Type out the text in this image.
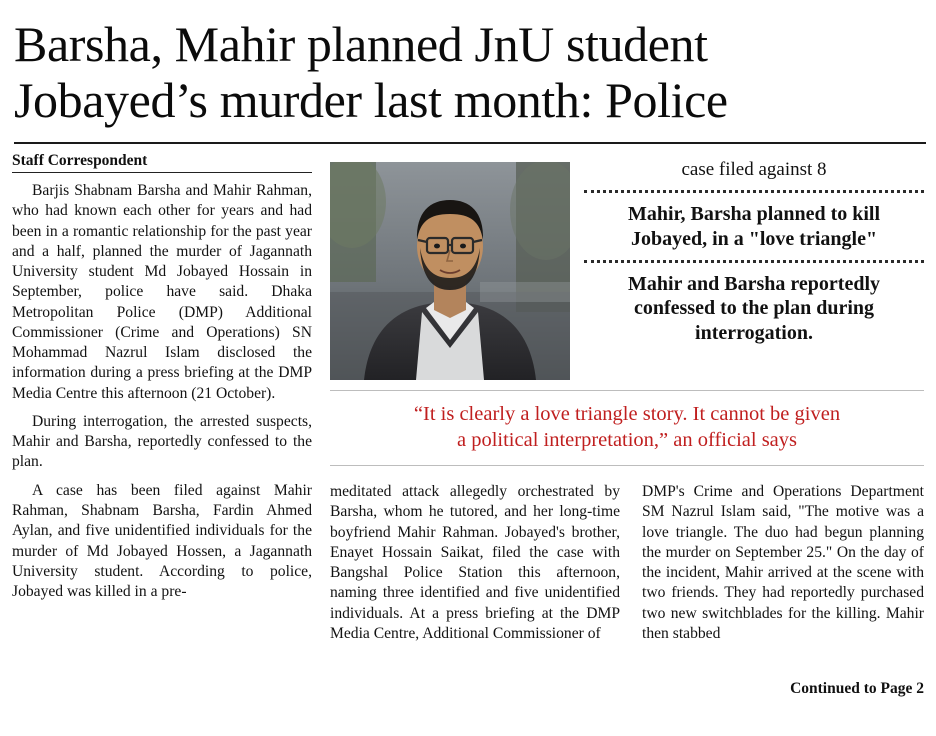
Barsha, Mahir planned JnU student
Jobayed’s murder last month: Police
Staff Correspondent

Barjis Shabnam Barsha and Mahir Rahman, who had known each other for years and had been in a romantic relationship for the past year and a half, planned the murder of Jagannath University student Md Jobayed Hossain in September, police have said. Dhaka Metropolitan Police (DMP) Additional Commissioner (Crime and Operations) SN Mohammad Nazrul Islam disclosed the information during a press briefing at the DMP Media Centre this afternoon (21 October).

During interrogation, the arrested suspects, Mahir and Barsha, reportedly confessed to the plan.

A case has been filed against Mahir Rahman, Shabnam Barsha, Fardin Ahmed Aylan, and five unidentified individuals for the murder of Md Jobayed Hossen, a Jagannath University student. According to police, Jobayed was killed in a pre-

case filed against 8

Mahir, Barsha planned to kill

Jobayed, in a "love triangle"

Mahir and Barsha reportedly

confessed to the plan during

interrogation.

“It is clearly a love triangle story. It cannot be given

a political interpretation,” an official says

meditated attack allegedly orchestrated by Barsha, whom he tutored, and her long-time boyfriend Mahir Rahman. Jobayed's brother, Enayet Hossain Saikat, filed the case with Bangshal Police Station this afternoon, naming three identified and five unidentified individuals. At a press briefing at the DMP Media Centre, Additional Commissioner of

DMP's Crime and Operations Department SM Nazrul Islam said, "The motive was a love triangle. The duo had begun planning the murder on September 25." On the day of the incident, Mahir arrived at the scene with two friends. They had reportedly purchased two new switchblades for the killing. Mahir then stabbed

Continued to Page 2
